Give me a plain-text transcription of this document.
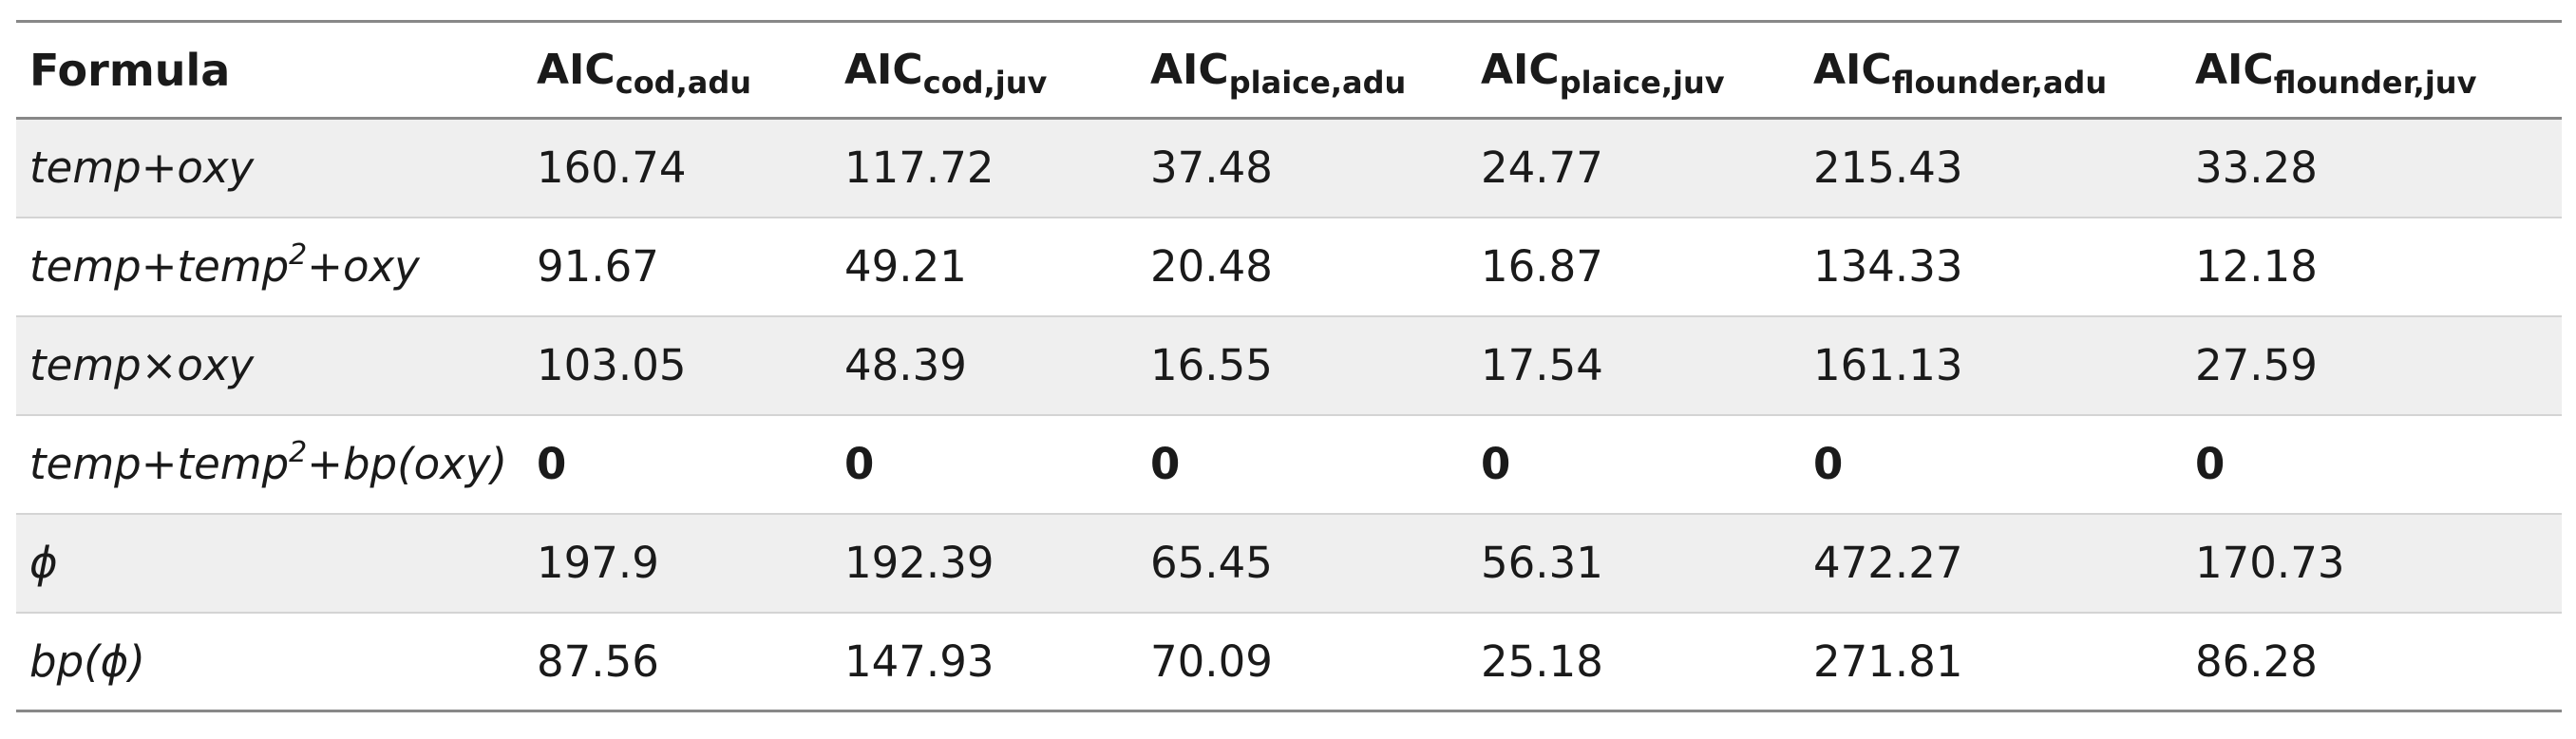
Formula	$AIC_{cod,adu}$	$AIC_{cod,juv}$	$AIC_{plaice,adu}$	$AIC_{plaice,juv}$	$AIC_{flounder,adu}$	$AIC_{flounder,juv}$
temp+oxy	160.74	117.72	37.48	24.77	215.43	33.28
temp+temp$^2$+oxy	91.67	49.21	20.48	16.87	134.33	12.18
temp×oxy	103.05	48.39	16.55	17.54	161.13	27.59
temp+temp$^2$+bp(oxy)	0	0	0	0	0	0
ϕ	197.9	192.39	65.45	56.31	472.27	170.73
bp(ϕ)	87.56	147.93	70.09	25.18	271.81	86.28
